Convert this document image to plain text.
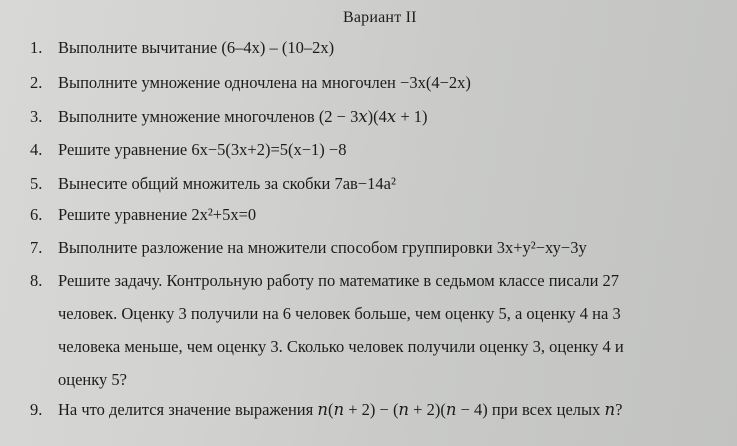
Вариант II
1. Выполните вычитание (6–4х) – (10–2х)
2. Выполните умножение одночлена на многочлен −3х(4−2х)
3. Выполните умножение многочленов (2 − 3𝑥)(4𝑥 + 1)
4. Решите уравнение 6х−5(3х+2)=5(х−1) −8
5. Вынесите общий множитель за скобки 7ав−14а²
6. Решите уравнение 2х²+5х=0
7. Выполните разложение на множители способом группировки 3х+у²−ху−3у
8. Решите задачу. Контрольную работу по математике в седьмом классе писали 27
человек. Оценку 3 получили на 6 человек больше, чем оценку 5, а оценку 4 на 3
человека меньше, чем оценку 3. Сколько человек получили оценку 3, оценку 4 и
оценку 5?
9. На что делится значение выражения 𝑛(𝑛 + 2) − (𝑛 + 2)(𝑛 − 4) при всех целых 𝑛?
